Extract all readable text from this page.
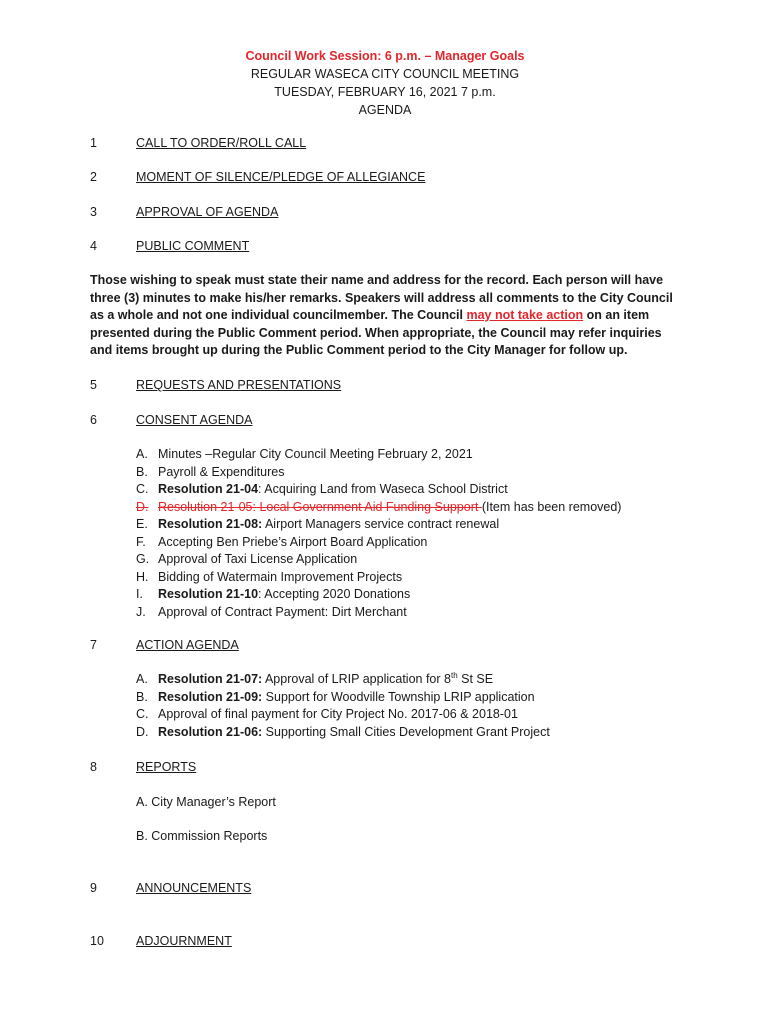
Council Work Session: 6 p.m. – Manager Goals
REGULAR WASECA CITY COUNCIL MEETING
TUESDAY, FEBRUARY 16, 2021 7 p.m.
AGENDA
1	CALL TO ORDER/ROLL CALL
2	MOMENT OF SILENCE/PLEDGE OF ALLEGIANCE
3	APPROVAL OF AGENDA
4	PUBLIC COMMENT
Those wishing to speak must state their name and address for the record. Each person will have three (3) minutes to make his/her remarks. Speakers will address all comments to the City Council as a whole and not one individual councilmember. The Council may not take action on an item presented during the Public Comment period. When appropriate, the Council may refer inquiries and items brought up during the Public Comment period to the City Manager for follow up.
5	REQUESTS AND PRESENTATIONS
6	CONSENT AGENDA
A. Minutes –Regular City Council Meeting February 2, 2021
B. Payroll & Expenditures
C. Resolution 21-04: Acquiring Land from Waseca School District
D. Resolution 21-05: Local Government Aid Funding Support (Item has been removed)
E. Resolution 21-08: Airport Managers service contract renewal
F. Accepting Ben Priebe’s Airport Board Application
G. Approval of Taxi License Application
H. Bidding of Watermain Improvement Projects
I. Resolution 21-10: Accepting 2020 Donations
J. Approval of Contract Payment: Dirt Merchant
7	ACTION AGENDA
A. Resolution 21-07: Approval of LRIP application for 8th St SE
B. Resolution 21-09: Support for Woodville Township LRIP application
C. Approval of final payment for City Project No. 2017-06 & 2018-01
D. Resolution 21-06: Supporting Small Cities Development Grant Project
8	REPORTS
A. City Manager’s Report
B. Commission Reports
9	ANNOUNCEMENTS
10	ADJOURNMENT
